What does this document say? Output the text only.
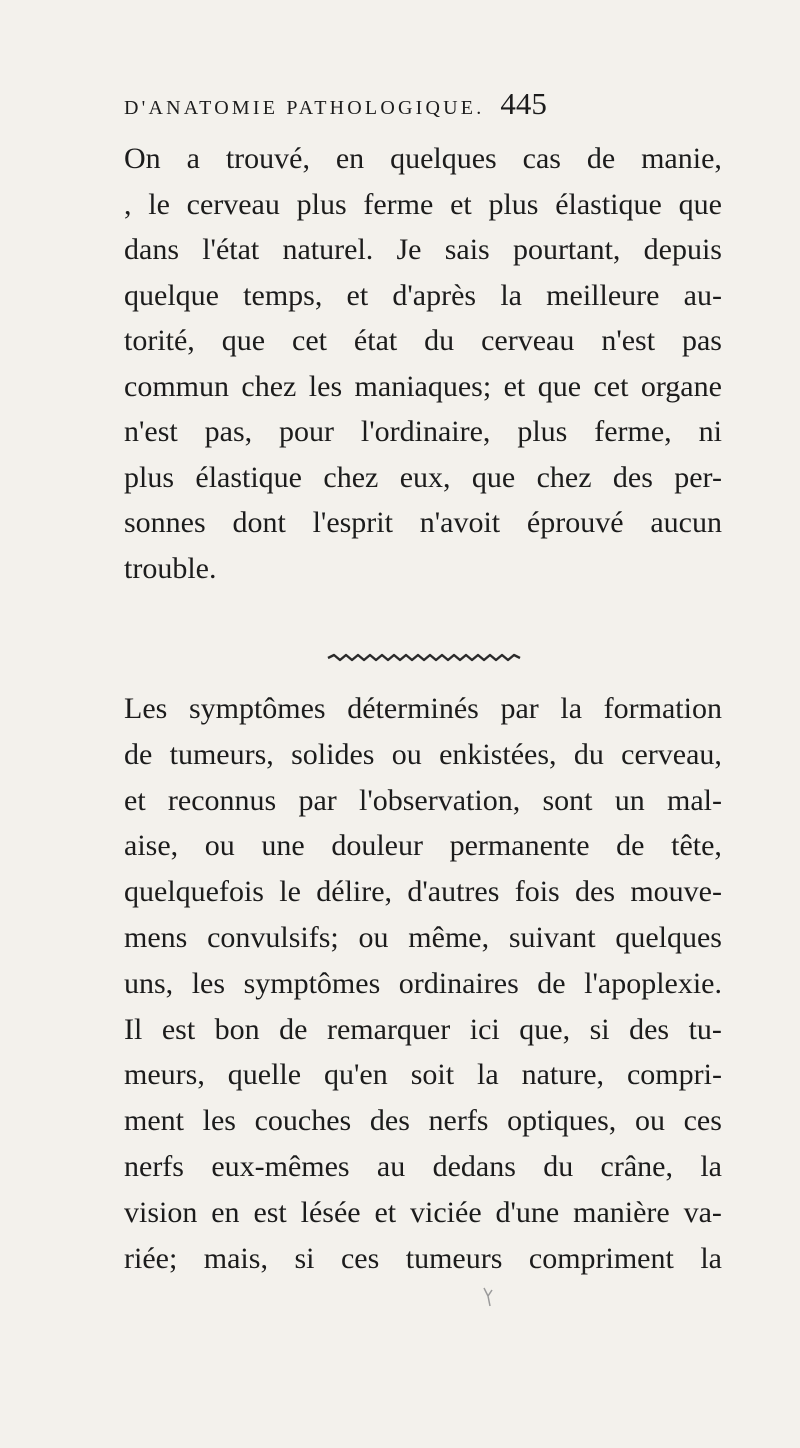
D'ANATOMIE PATHOLOGIQUE. 445
On a trouvé, en quelques cas de manie,
, le cerveau plus ferme et plus élastique que
dans l'état naturel. Je sais pourtant, depuis
quelque temps, et d'après la meilleure au-
torité, que cet état du cerveau n'est pas
commun chez les maniaques; et que cet organe
n'est pas, pour l'ordinaire, plus ferme, ni
plus élastique chez eux, que chez des per-
sonnes dont l'esprit n'avoit éprouvé aucun
trouble.
Les symptômes déterminés par la formation
de tumeurs, solides ou enkistées, du cerveau,
et reconnus par l'observation, sont un mal-
aise, ou une douleur permanente de tête,
quelquefois le délire, d'autres fois des mouve-
mens convulsifs; ou même, suivant quelques
uns, les symptômes ordinaires de l'apoplexie.
Il est bon de remarquer ici que, si des tu-
meurs, quelle qu'en soit la nature, compri-
ment les couches des nerfs optiques, ou ces
nerfs eux-mêmes au dedans du crâne, la
vision en est lésée et viciée d'une manière va-
riée; mais, si ces tumeurs compriment la
